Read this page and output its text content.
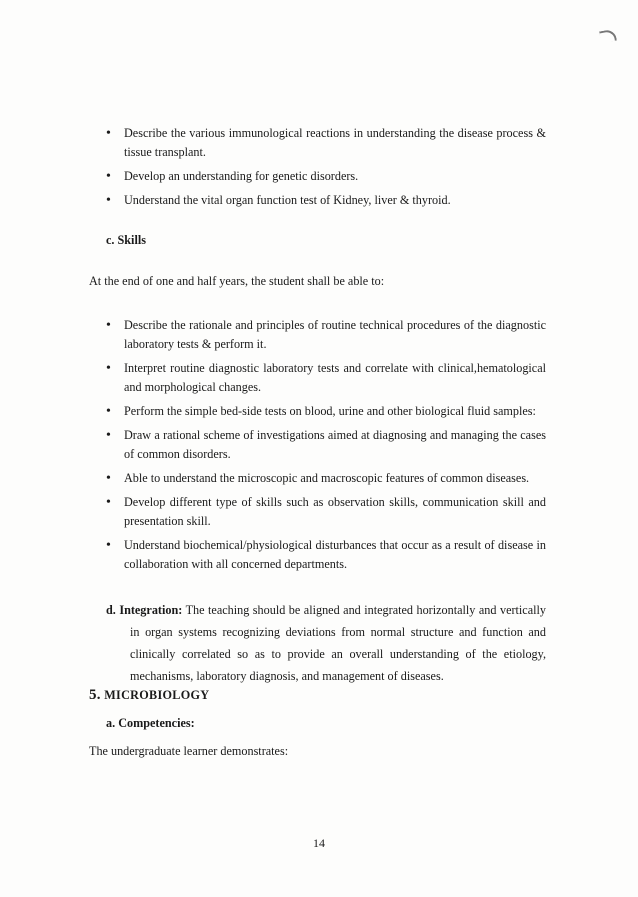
• Describe the various immunological reactions in understanding the disease process & tissue transplant.
• Develop an understanding for genetic disorders.
• Understand the vital organ function test of Kidney, liver & thyroid.
c. Skills
At the end of one and half years, the student shall be able to:
• Describe the rationale and principles of routine technical procedures of the diagnostic laboratory tests & perform it.
• Interpret routine diagnostic laboratory tests and correlate with clinical,hematological and morphological changes.
• Perform the simple bed-side tests on blood, urine and other biological fluid samples:
• Draw a rational scheme of investigations aimed at diagnosing and managing the cases of common disorders.
• Able to understand the microscopic and macroscopic features of common diseases.
• Develop different type of skills such as observation skills, communication skill and presentation skill.
• Understand biochemical/physiological disturbances that occur as a result of disease in collaboration with all concerned departments.
d. Integration: The teaching should be aligned and integrated horizontally and vertically in organ systems recognizing deviations from normal structure and function and clinically correlated so as to provide an overall understanding of the etiology, mechanisms, laboratory diagnosis, and management of diseases.
5. MICROBIOLOGY
a. Competencies:
The undergraduate learner demonstrates:
14
